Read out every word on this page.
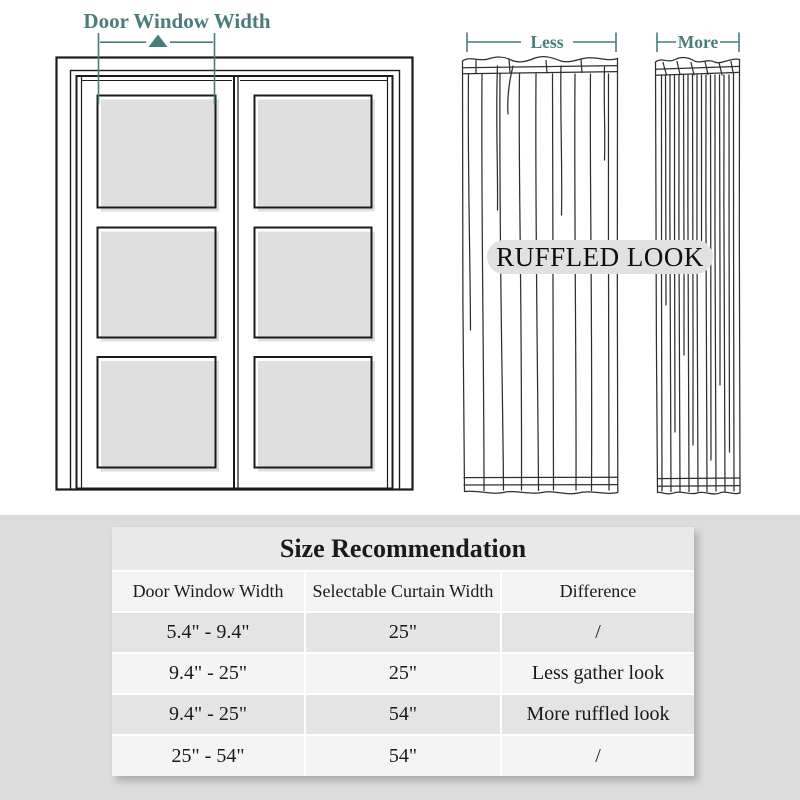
Door Window Width
Less	More
RUFFLED LOOK
Size Recommendation
Door Window Width	Selectable Curtain Width	Difference
5.4" - 9.4"	25"	/
9.4" - 25"	25"	Less gather look
9.4" - 25"	54"	More ruffled look
25" - 54"	54"	/
